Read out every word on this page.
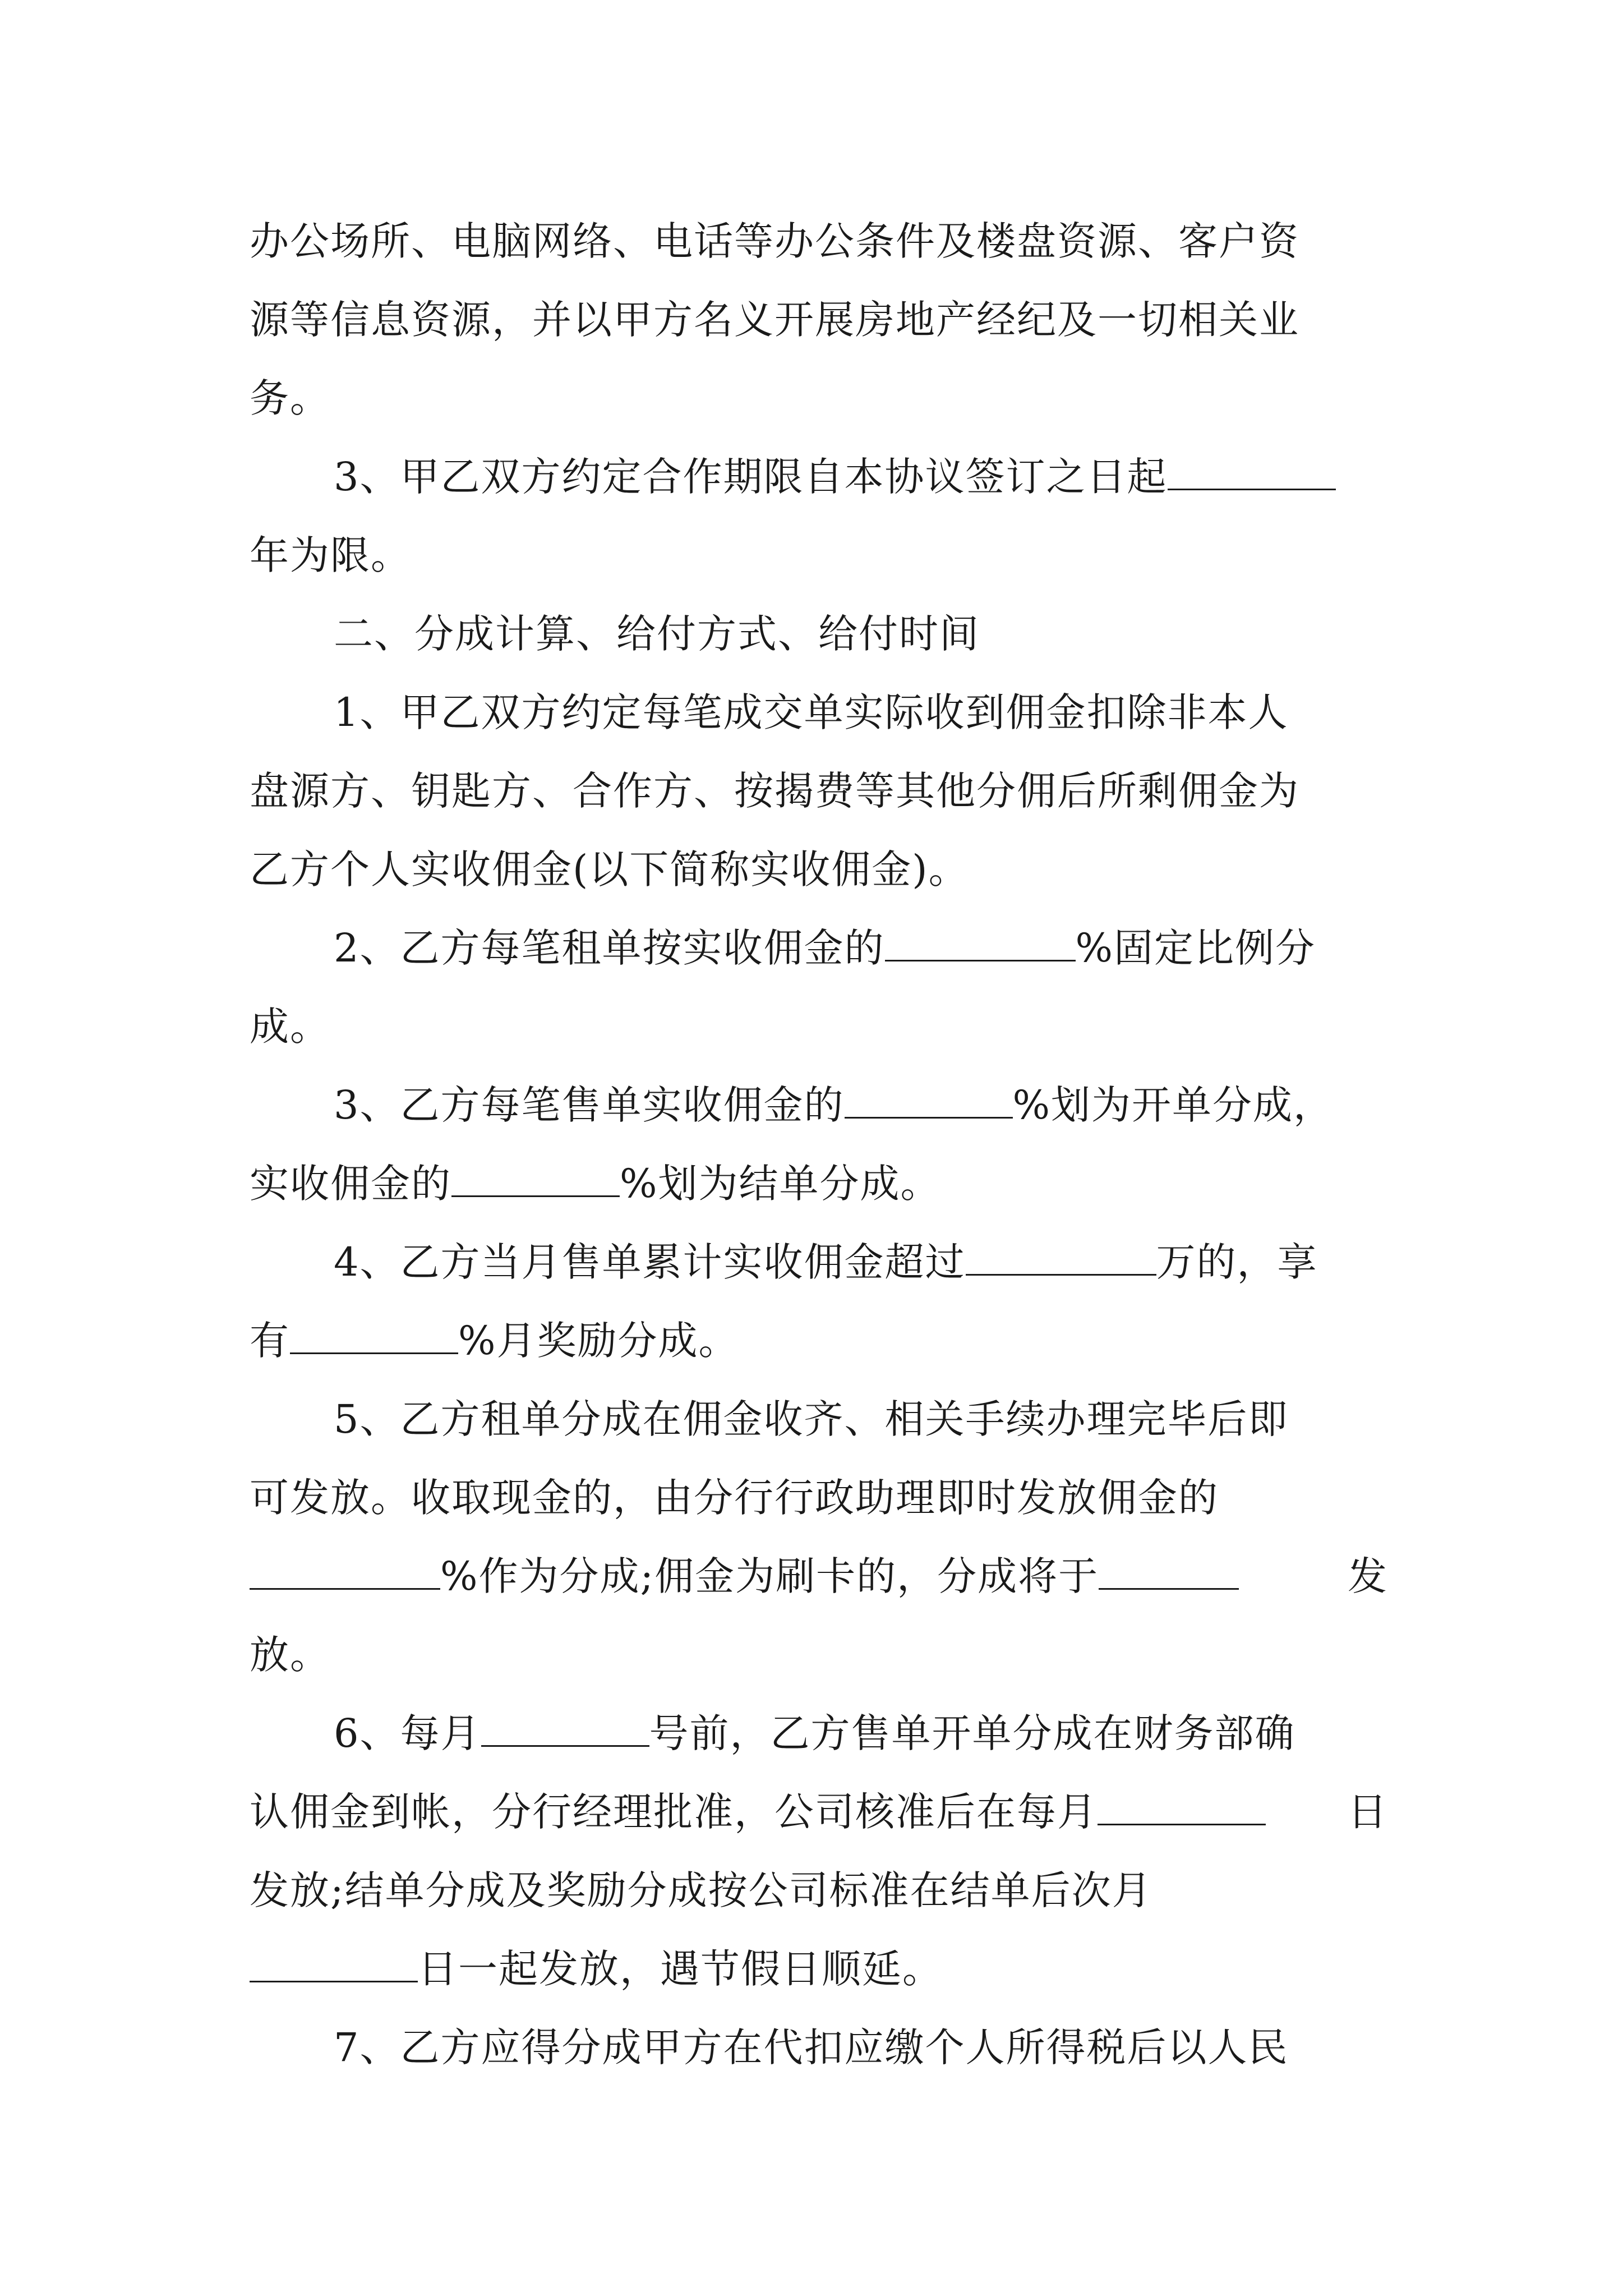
办公场所、电脑网络、电话等办公条件及楼盘资源、客户资
源等信息资源，并以甲方名义开展房地产经纪及一切相关业
务。
3、甲乙双方约定合作期限自本协议签订之日起
年为限。
二、分成计算、给付方式、给付时间
1、甲乙双方约定每笔成交单实际收到佣金扣除非本人
盘源方、钥匙方、合作方、按揭费等其他分佣后所剩佣金为
乙方个人实收佣金(以下简称实收佣金)。
2、乙方每笔租单按实收佣金的	%固定比例分
成。
3、乙方每笔售单实收佣金的	%划为开单分成，
实收佣金的	%划为结单分成。
4、乙方当月售单累计实收佣金超过	万的，享
有	%月奖励分成。
5、乙方租单分成在佣金收齐、相关手续办理完毕后即
可发放。收取现金的，由分行行政助理即时发放佣金的
%作为分成;佣金为刷卡的，分成将于	发
放。
6、每月	号前，乙方售单开单分成在财务部确
认佣金到帐，分行经理批准，公司核准后在每月	日
发放;结单分成及奖励分成按公司标准在结单后次月
日一起发放，遇节假日顺延。
7、乙方应得分成甲方在代扣应缴个人所得税后以人民
